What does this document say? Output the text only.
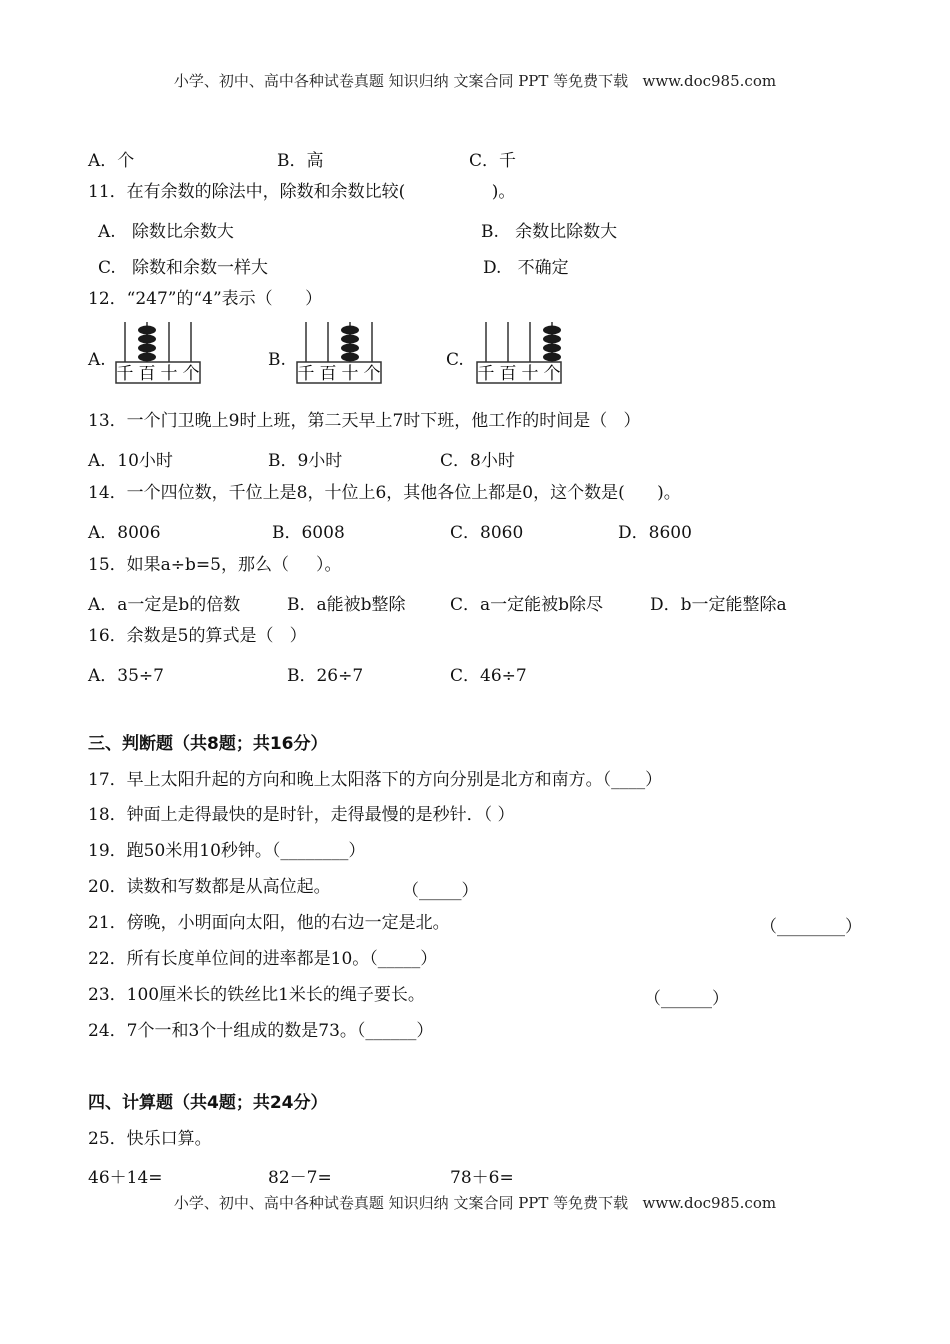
小学、初中、高中各种试卷真题 知识归纳 文案合同 PPT 等免费下载   www.doc985.com
A．个	B．高	C．千
11．在有余数的除法中，除数和余数比较(                )。
A.   除数比余数大	B.   余数比除数大
C.   除数和余数一样大	D.   不确定
12．“247”的“4”表示（      ）
A.	B.	C.
千 百 十 个	千 百 十 个	千 百 十 个
13．一个门卫晚上9时上班，第二天早上7时下班，他工作的时间是（   ）
A．10小时	B．9小时	C．8小时
14．一个四位数，千位上是8，十位上6，其他各位上都是0，这个数是(      )。
A．8006	B．6008	C．8060	D．8600
15．如果a÷b=5，那么（     ）。
A．a一定是b的倍数	B．a能被b整除	C．a一定能被b除尽	D．b一定能整除a
16．余数是5的算式是（   ）
A．35÷7	B．26÷7	C．46÷7
三、判断题（共8题；共16分）
17．早上太阳升起的方向和晚上太阳落下的方向分别是北方和南方。（____）
18．钟面上走得最快的是时针，走得最慢的是秒针．（ ）
19．跑50米用10秒钟。（________）
20．读数和写数都是从高位起。	（_____）
21．傍晚，小明面向太阳，他的右边一定是北。	（________）
22．所有长度单位间的进率都是10。（_____）
23．100厘米长的铁丝比1米长的绳子要长。	（______）
24．7个一和3个十组成的数是73。（______）
四、计算题（共4题；共24分）
25．快乐口算。
46＋14=	82－7=	78＋6=
小学、初中、高中各种试卷真题 知识归纳 文案合同 PPT 等免费下载   www.doc985.com
